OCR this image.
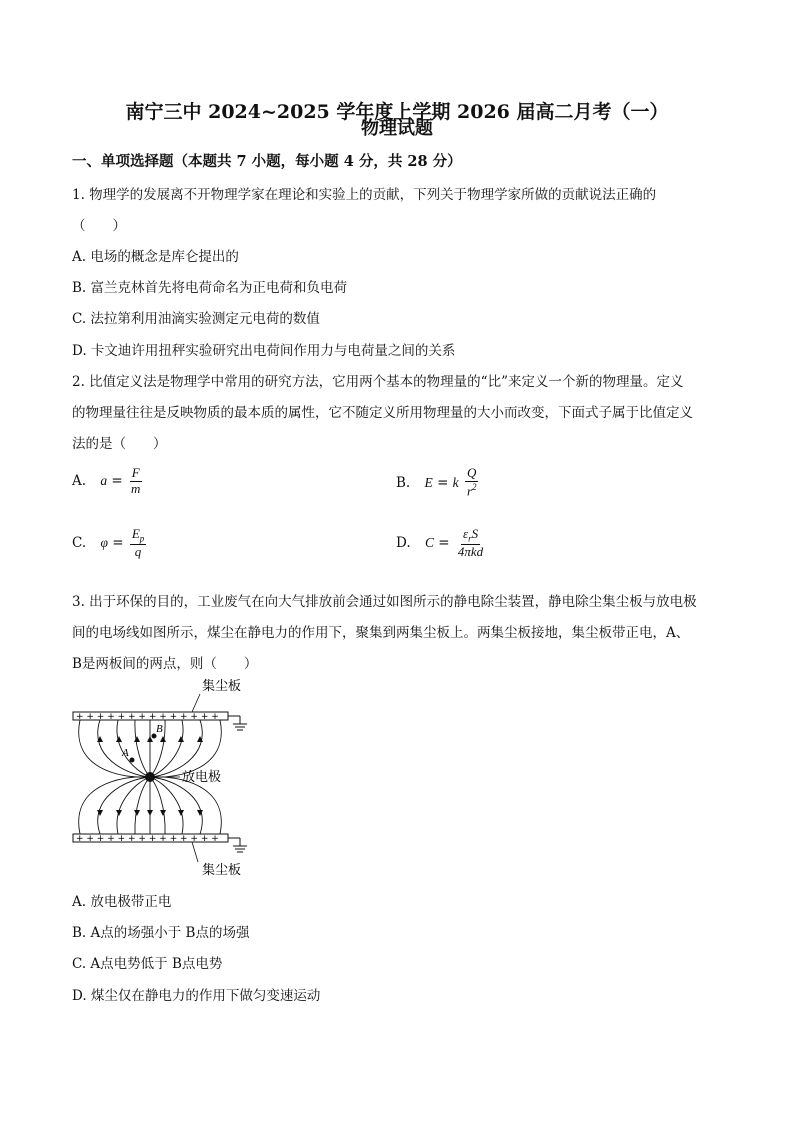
南宁三中 2024~2025 学年度上学期 2026 届高二月考（一）
物理试题
一、单项选择题（本题共 7 小题，每小题 4 分，共 28 分）
1. 物理学的发展离不开物理学家在理论和实验上的贡献，下列关于物理学家所做的贡献说法正确的
（　　）
A. 电场的概念是库仑提出的
B. 富兰克林首先将电荷命名为正电荷和负电荷
C. 法拉第利用油滴实验测定元电荷的数值
D. 卡文迪许用扭秤实验研究出电荷间作用力与电荷量之间的关系
2. 比值定义法是物理学中常用的研究方法，它用两个基本的物理量的“比”来定义一个新的物理量。定义
的物理量往往是反映物质的最本质的属性，它不随定义所用物理量的大小而改变，下面式子属于比值定义
法的是（　　）
A. $a = \frac{F}{m}$	B. E = k $\frac{Q}{r^2}$
C. $\varphi = \frac{E_p}{q}$	D. $C = \frac{\varepsilon_rS}{\text{4πkd}}$
3. 出于环保的目的，工业废气在向大气排放前会通过如图所示的静电除尘装置，静电除尘集尘板与放电极
间的电场线如图所示，煤尘在静电力的作用下，聚集到两集尘板上。两集尘板接地，集尘板带正电，A、
B是两板间的两点，则（　　）
+ + + + + + + + + + + + + +
集尘板
+ + + + + + + + + + + + + +
集尘板
放电极
A
B
A. 放电极带正电
B. A点的场强小于 B点的场强
C. A点电势低于 B点电势
D. 煤尘仅在静电力的作用下做匀变速运动
